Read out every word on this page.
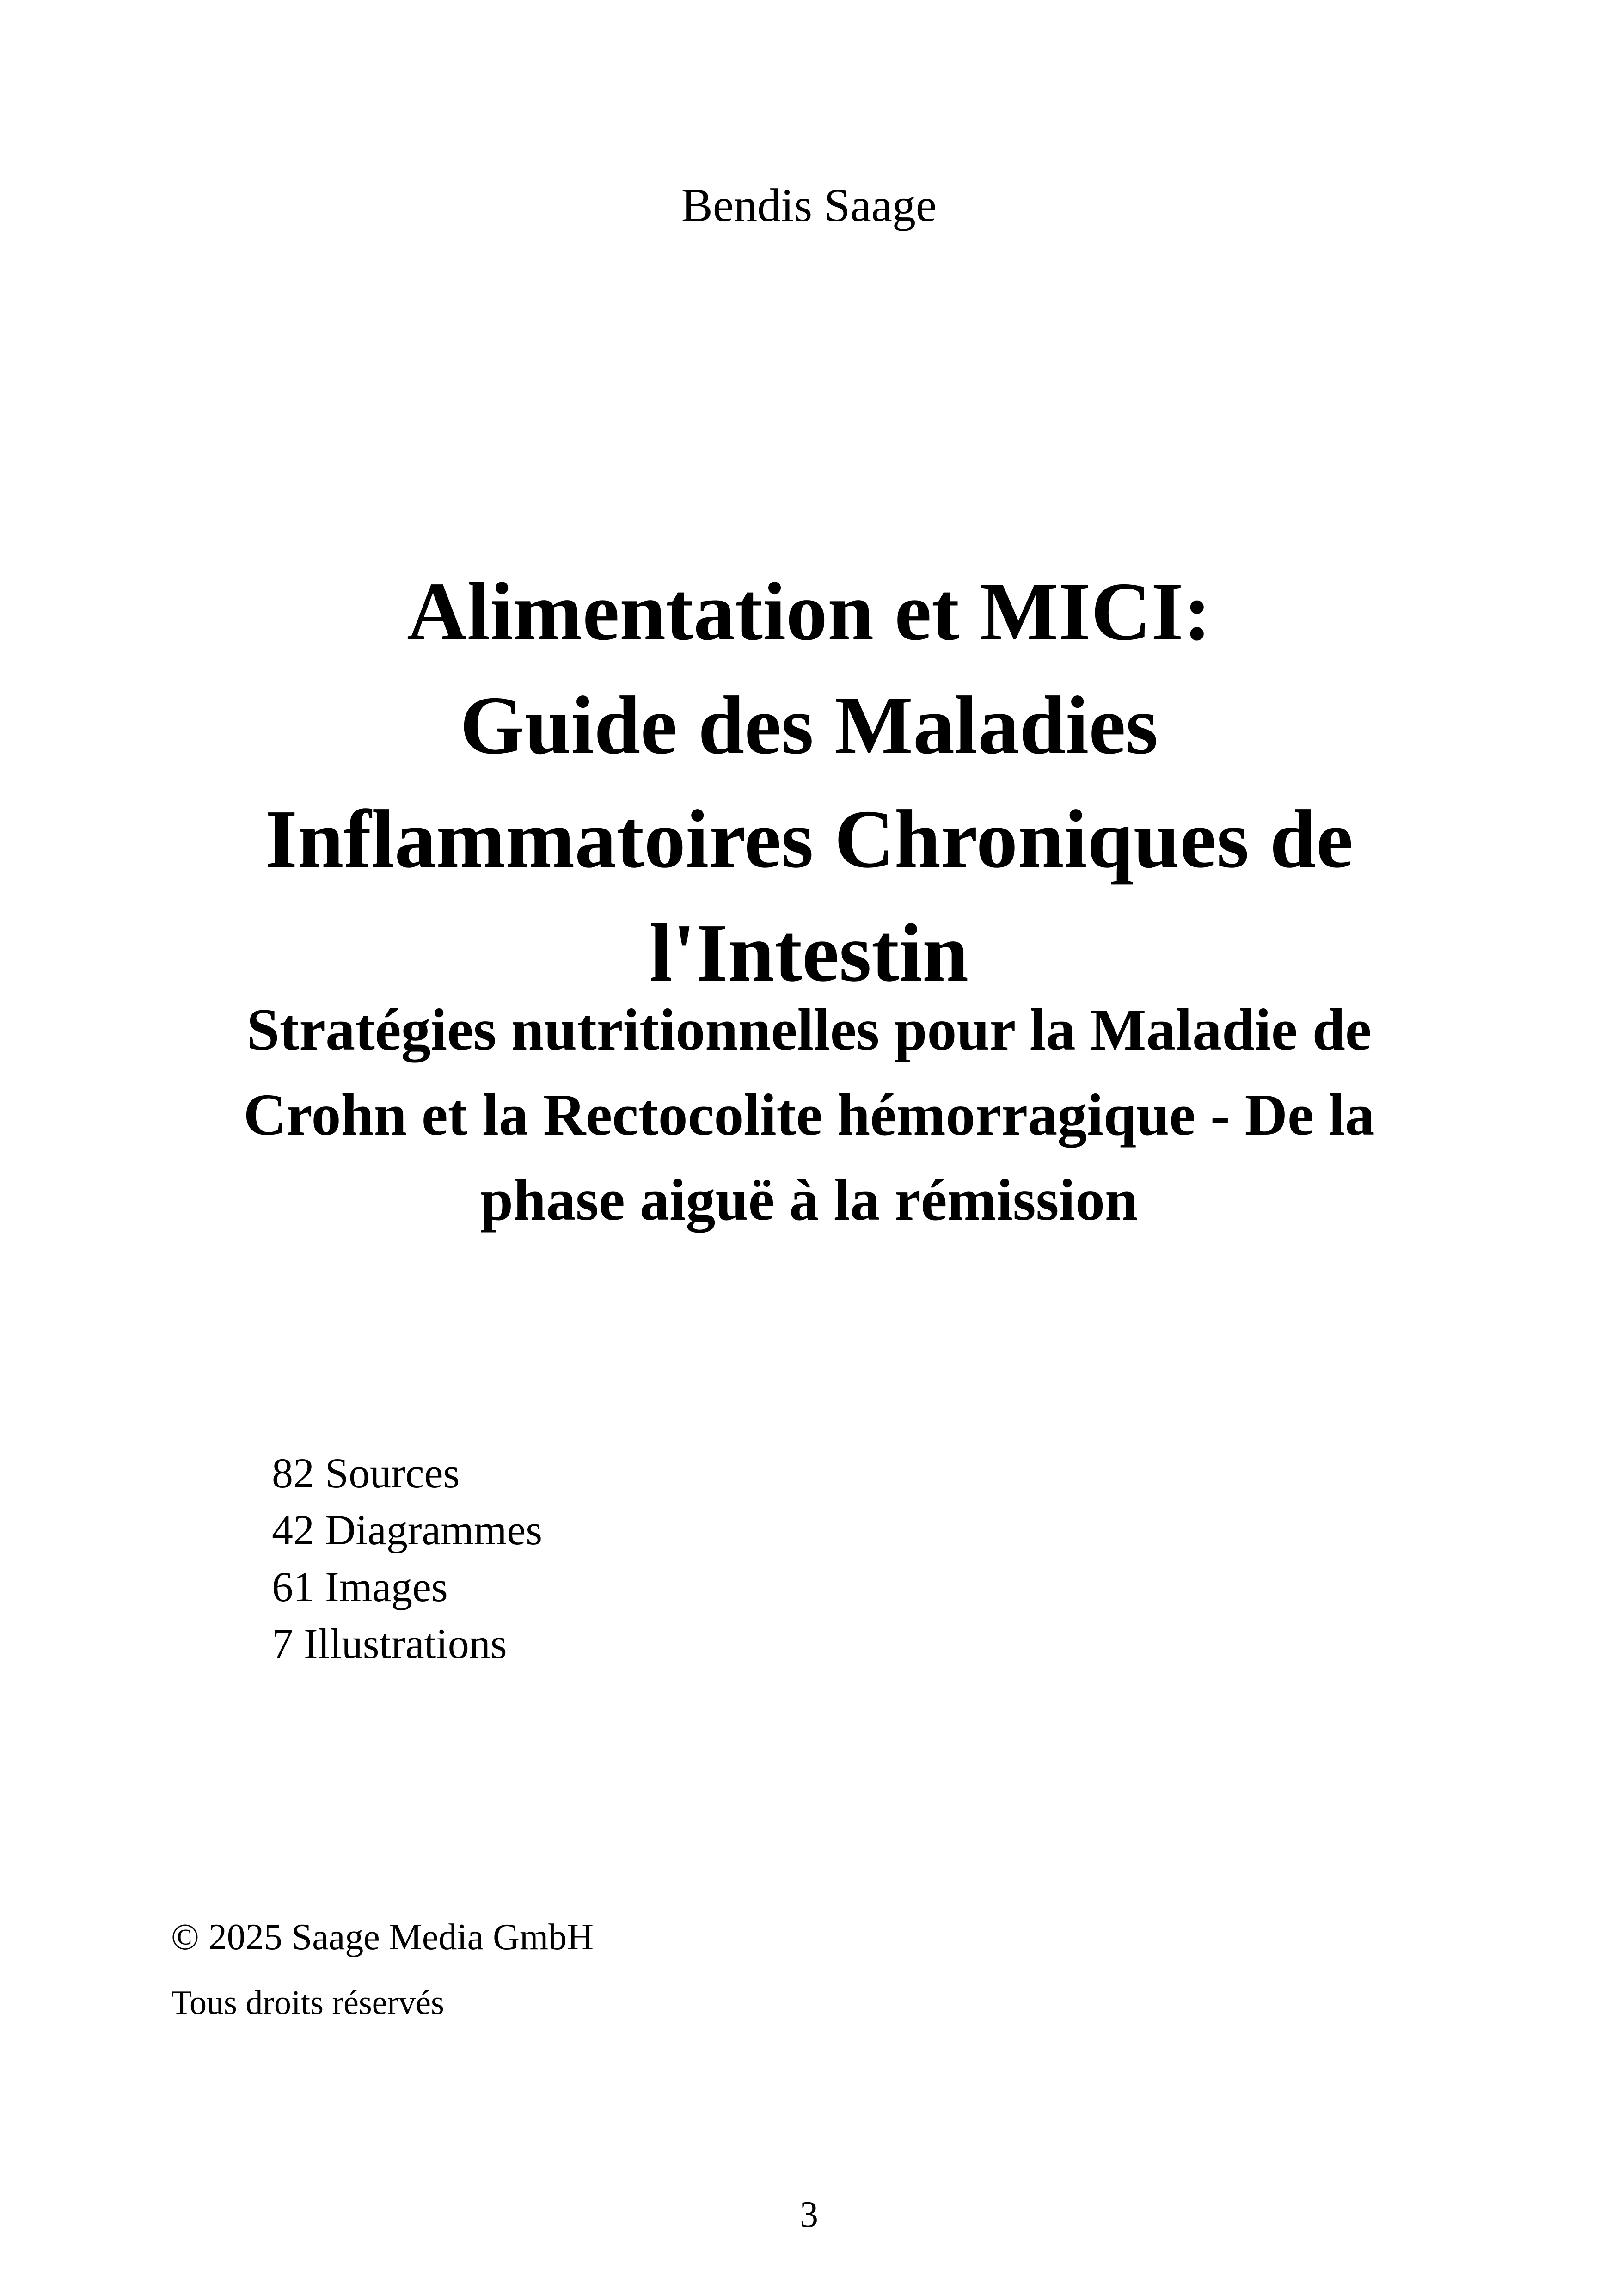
Bendis Saage
Alimentation et MICI:
Guide des Maladies
Inflammatoires Chroniques de
l'Intestin
Stratégies nutritionnelles pour la Maladie de
Crohn et la Rectocolite hémorragique - De la
phase aiguë à la rémission
82 Sources
42 Diagrammes
61 Images
7 Illustrations
© 2025 Saage Media GmbH
Tous droits réservés
3
